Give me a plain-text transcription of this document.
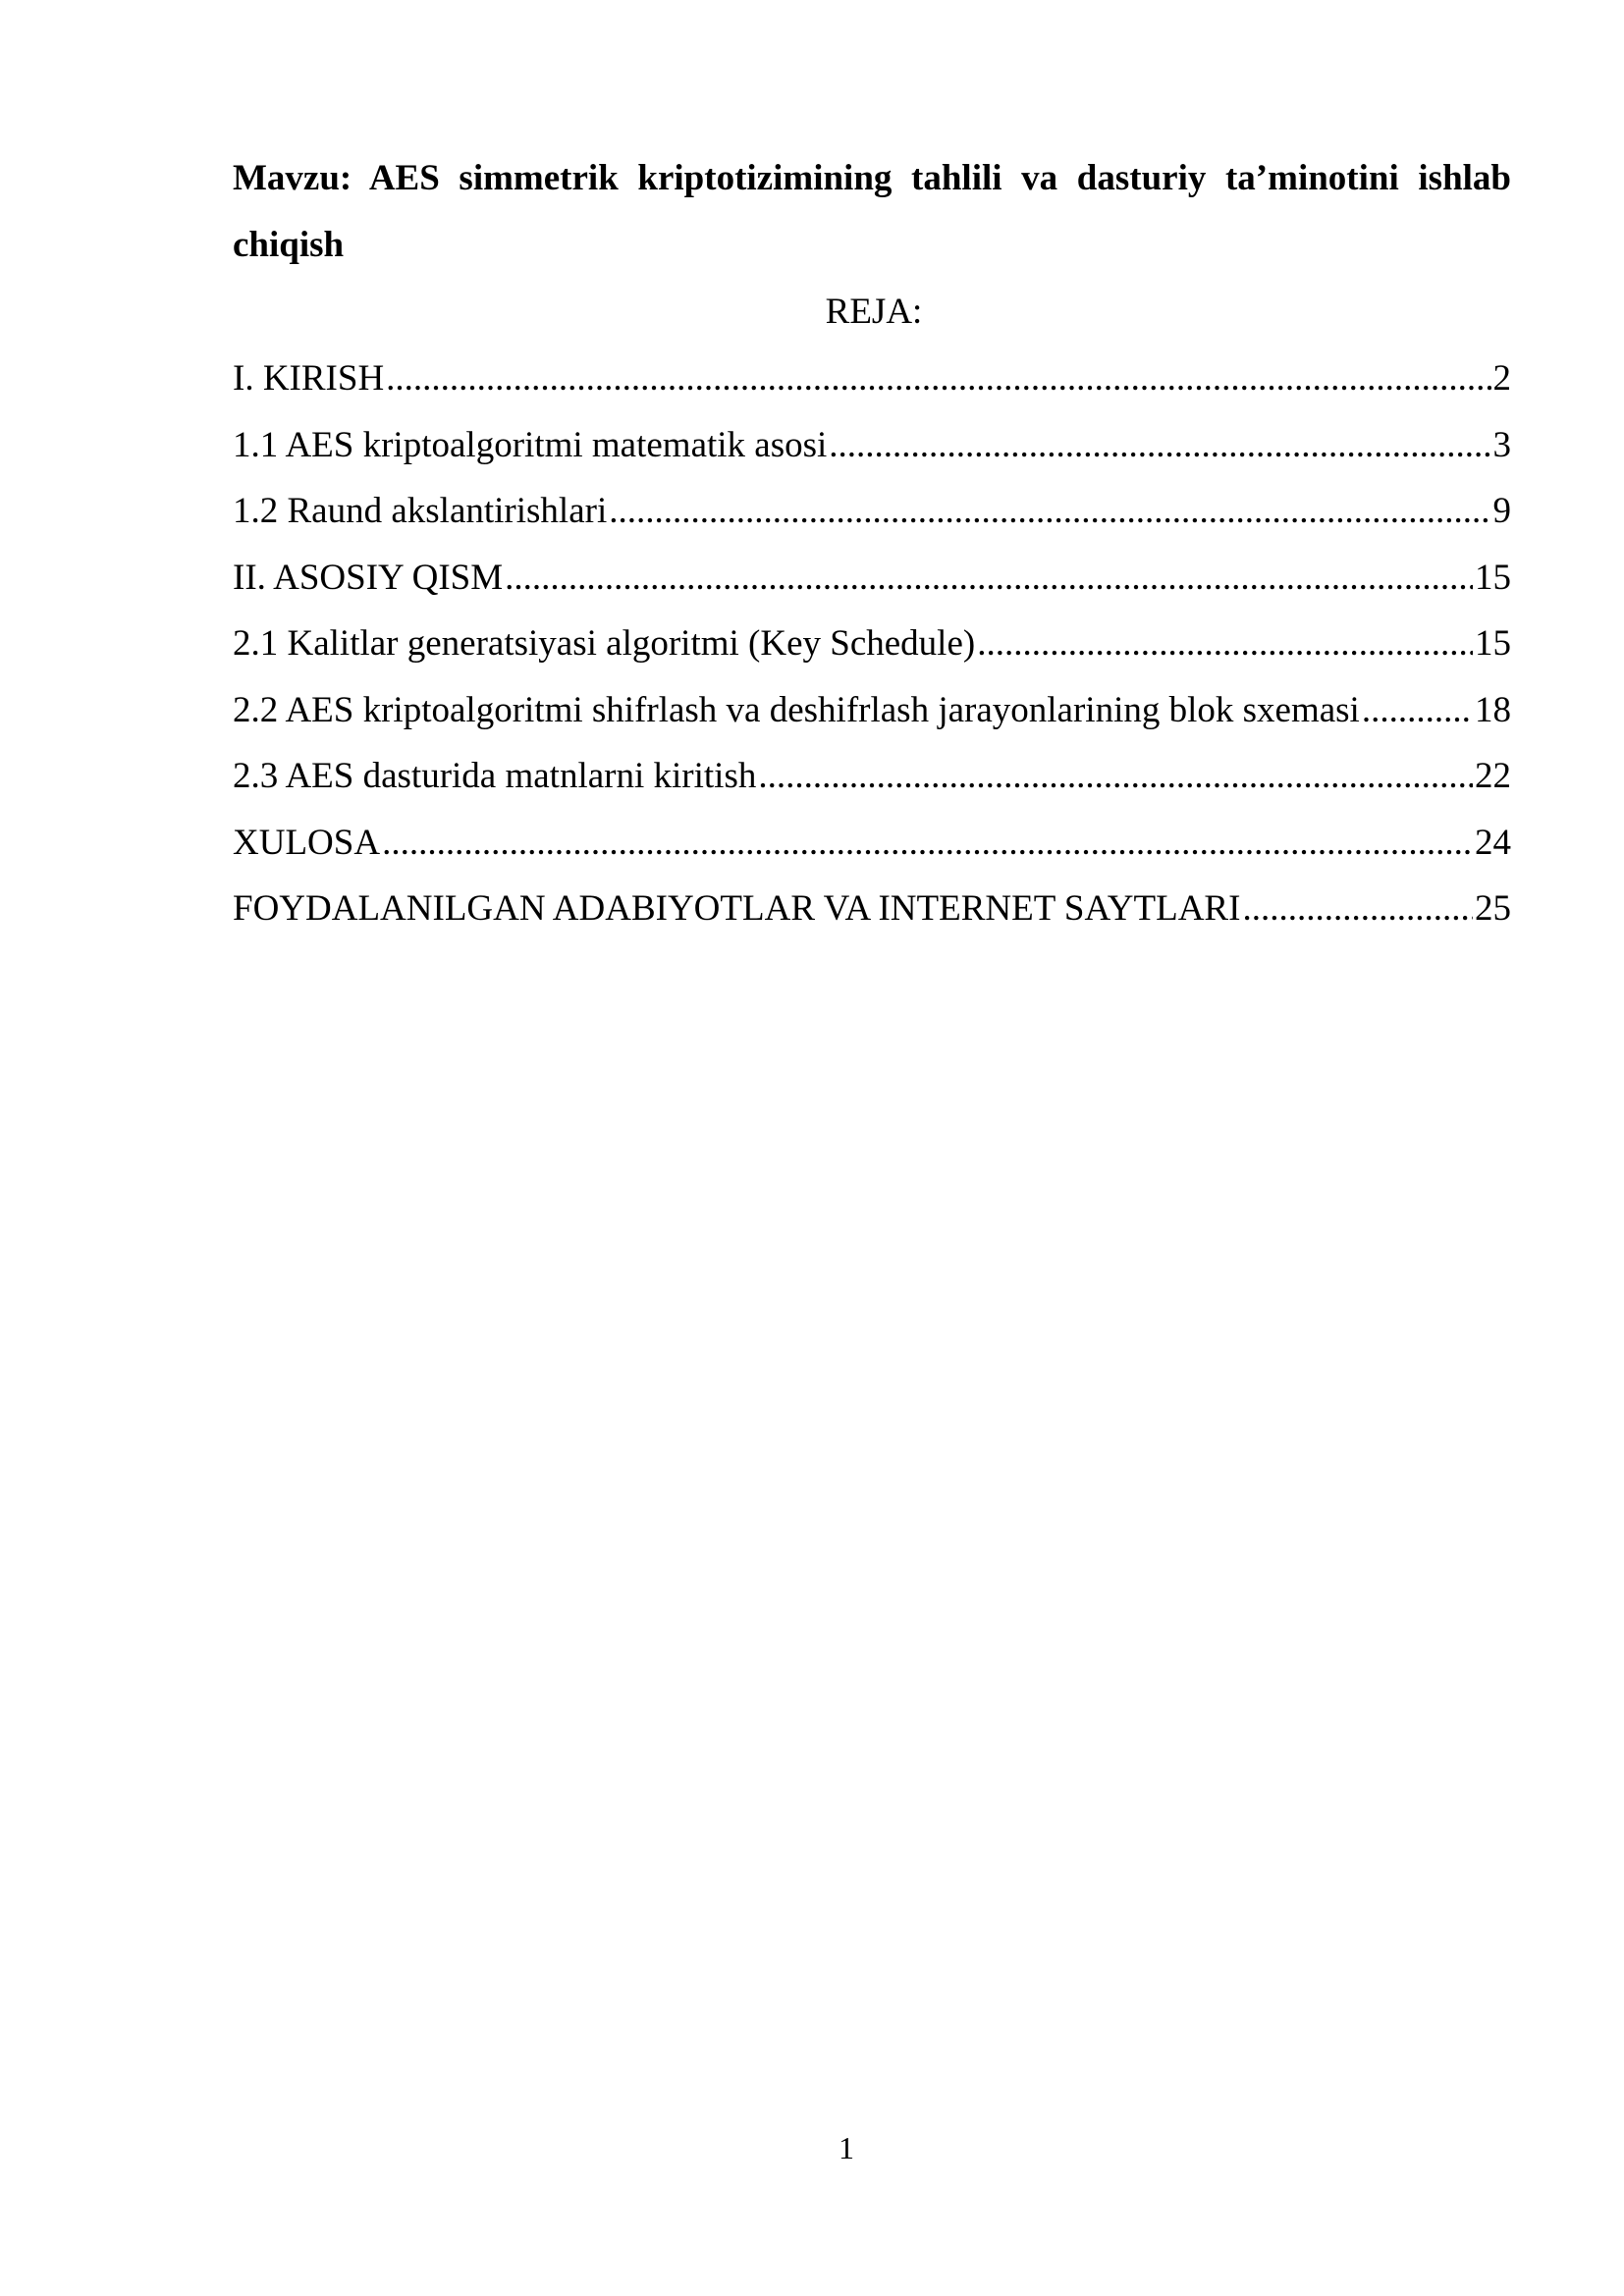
Mavzu: AES simmetrik kriptotizimining tahlili va dasturiy ta’minotini ishlab chiqish

REJA:

I. KIRISH .....	2
1.1 AES kriptoalgoritmi matematik asosi .....	3
1.2 Raund akslantirishlari .....	9
II. ASOSIY QISM .....	15
2.1 Kalitlar generatsiyasi algoritmi (Key Schedule) .....	15
2.2 AES kriptoalgoritmi shifrlash va deshifrlash jarayonlarining blok sxemasi .....	18
2.3 AES dasturida matnlarni kiritish .....	22
XULOSA .....	24
FOYDALANILGAN ADABIYOTLAR VA INTERNET SAYTLARI .....	25
1
